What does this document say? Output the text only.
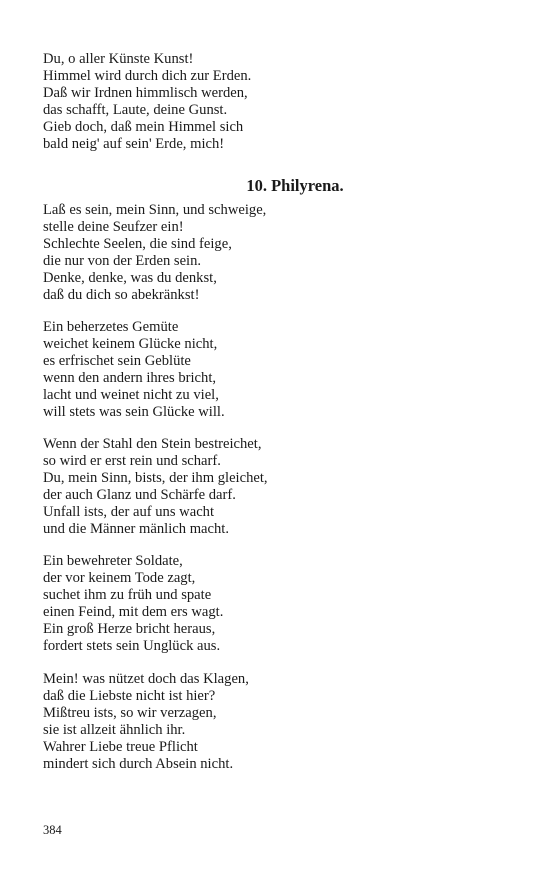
Du, o aller Künste Kunst!
Himmel wird durch dich zur Erden.
Daß wir Irdnen himmlisch werden,
das schafft, Laute, deine Gunst.
Gieb doch, daß mein Himmel sich
bald neig' auf sein' Erde, mich!
10. Philyrena.
Laß es sein, mein Sinn, und schweige,
stelle deine Seufzer ein!
Schlechte Seelen, die sind feige,
die nur von der Erden sein.
Denke, denke, was du denkst,
daß du dich so abekränkst!
Ein beherzetes Gemüte
weichet keinem Glücke nicht,
es erfrischet sein Geblüte
wenn den andern ihres bricht,
lacht und weinet nicht zu viel,
will stets was sein Glücke will.
Wenn der Stahl den Stein bestreichet,
so wird er erst rein und scharf.
Du, mein Sinn, bists, der ihm gleichet,
der auch Glanz und Schärfe darf.
Unfall ists, der auf uns wacht
und die Männer mänlich macht.
Ein bewehreter Soldate,
der vor keinem Tode zagt,
suchet ihm zu früh und spate
einen Feind, mit dem ers wagt.
Ein groß Herze bricht heraus,
fordert stets sein Unglück aus.
Mein! was nützet doch das Klagen,
daß die Liebste nicht ist hier?
Mißtreu ists, so wir verzagen,
sie ist allzeit ähnlich ihr.
Wahrer Liebe treue Pflicht
mindert sich durch Absein nicht.
384
